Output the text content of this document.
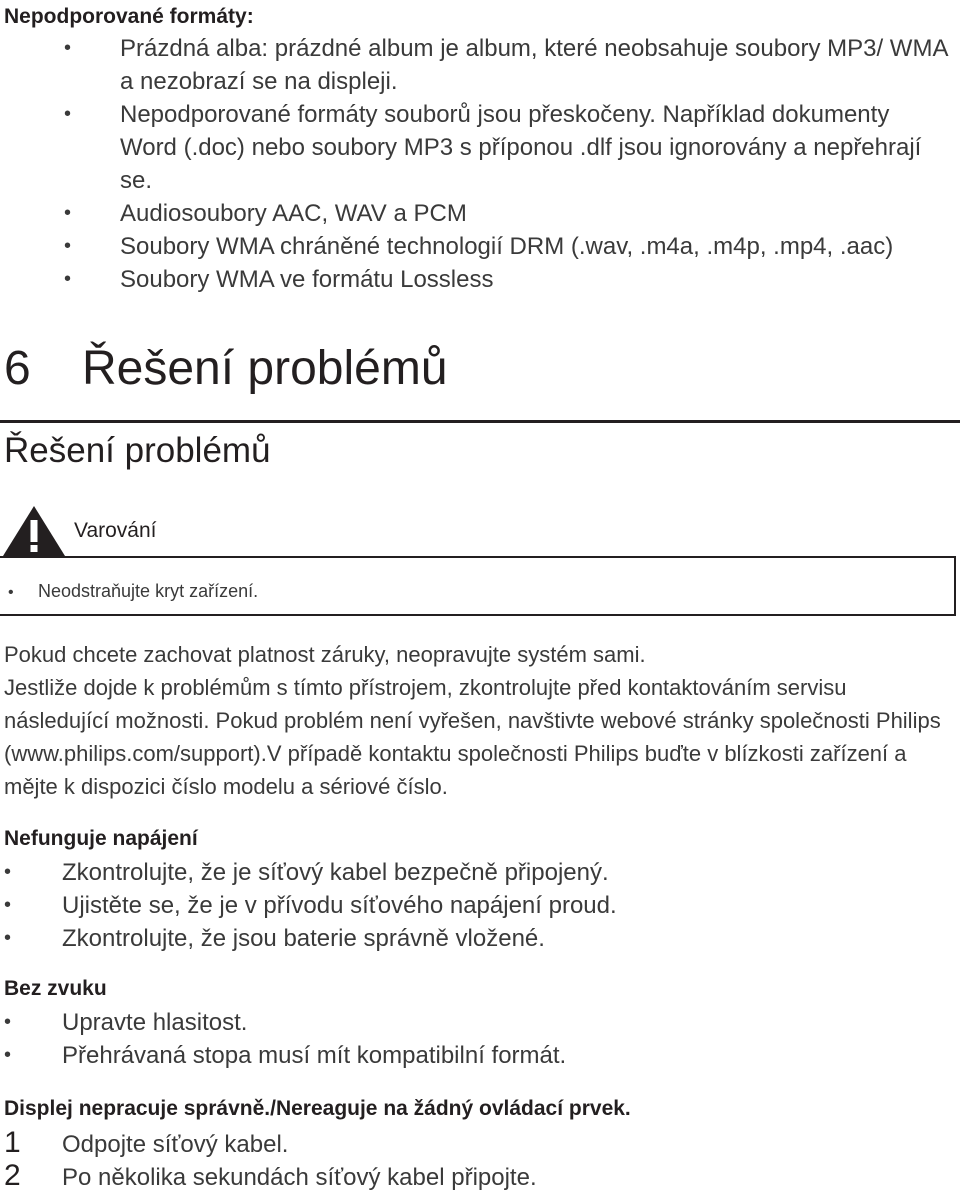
Nepodporované formáty:
• Prázdná alba: prázdné album je album, které neobsahuje soubory MP3/ WMA a nezobrazí se na displeji.
• Nepodporované formáty souborů jsou přeskočeny. Například dokumenty Word (.doc) nebo soubory MP3 s příponou .dlf jsou ignorovány a nepřehrají se.
• Audiosoubory AAC, WAV a PCM
• Soubory WMA chráněné technologií DRM (.wav, .m4a, .m4p, .mp4, .aac)
• Soubory WMA ve formátu Lossless
6 Řešení problémů
Řešení problémů
Varování
• Neodstraňujte kryt zařízení.

Pokud chcete zachovat platnost záruky, neopravujte systém sami.

Jestliže dojde k problémům s tímto přístrojem, zkontrolujte před kontaktováním servisu následující možnosti. Pokud problém není vyřešen, navštivte webové stránky společnosti Philips (www.philips.com/support).V případě kontaktu společnosti Philips buďte v blízkosti zařízení a mějte k dispozici číslo modelu a sériové číslo.

Nefunguje napájení
• Zkontrolujte, že je síťový kabel bezpečně připojený.
• Ujistěte se, že je v přívodu síťového napájení proud.
• Zkontrolujte, že jsou baterie správně vložené.
Bez zvuku
• Upravte hlasitost.
• Přehrávaná stopa musí mít kompatibilní formát.
Displej nepracuje správně./Nereaguje na žádný ovládací prvek.
1 Odpojte síťový kabel.
2 Po několika sekundách síťový kabel připojte.
